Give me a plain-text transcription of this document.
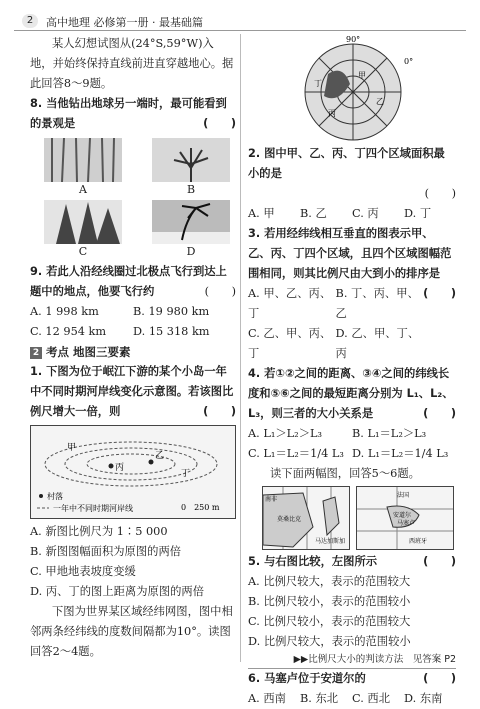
2	高中地理 必修第一册 · 最基础篇

某人幻想试图从(24°S,59°W)入地，并始终保持直线前进直穿越地心。据此回答8～9题。

8. 当他钻出地球另一端时，最可能看到的景观是	(　　)

A	B
C	D

9. 若此人沿经线圈过北极点飞行到达上题中的地点，他要飞行约	(　　)

A. 1 998 km	B. 19 980 km
C. 12 954 km	D. 15 318 km
2 考点 地图三要素

1. 下图为位于岷江下游的某个小岛一年中不同时期河岸线变化示意图。若该图比例尺增大一倍，则	(　　)

甲
乙
丙
丁
村落
一年中不同时期河岸线	0　250 m

A. 新图比例尺为 1∶5 000

B. 新图图幅面积为原图的两倍

C. 甲地地表坡度变缓

D. 丙、丁的图上距离为原图的两倍

下图为世界某区域经纬网图，图中相邻两条经纬线的度数间隔都为10°。读图回答2～4题。

90°
0°
甲
乙
丙
丁

2. 图中甲、乙、丙、丁四个区域面积最小的是

(　　)

A. 甲	B. 乙	C. 丙	D. 丁

3. 若用经纬线相互垂直的图表示甲、乙、丙、丁四个区域，且四个区域图幅范围相同，则其比例尺由大到小的排序是
(　　)

A. 甲、乙、丙、丁
B. 丁、丙、甲、乙
C. 乙、甲、丙、丁
D. 乙、甲、丁、丙

4. 若①②之间的距离、③④之间的纬线长度和⑤⑥之间的最短距离分别为 L₁、L₂、L₃，则三者的大小关系是	(　　)

A. L₁＞L₂＞L₃	B. L₁＝L₂＞L₃
C. L₁＝L₂＝1/4 L₃ D. L₁＝L₂＝1/4 L₃

读下面两幅图，回答5～6题。

南非
马达加斯加
莫桑比克
法国
安道尔
马塞卢
西班牙

5. 与右图比较，左图所示	(　　)

A. 比例尺较大，表示的范围较大

B. 比例尺较小，表示的范围较小

C. 比例尺较小，表示的范围较大

D. 比例尺较大，表示的范围较小

▶▶比例尺大小的判读方法　见答案 P2

6. 马塞卢位于安道尔的	(　　)

A. 西南	B. 东北	C. 西北	D. 东南
